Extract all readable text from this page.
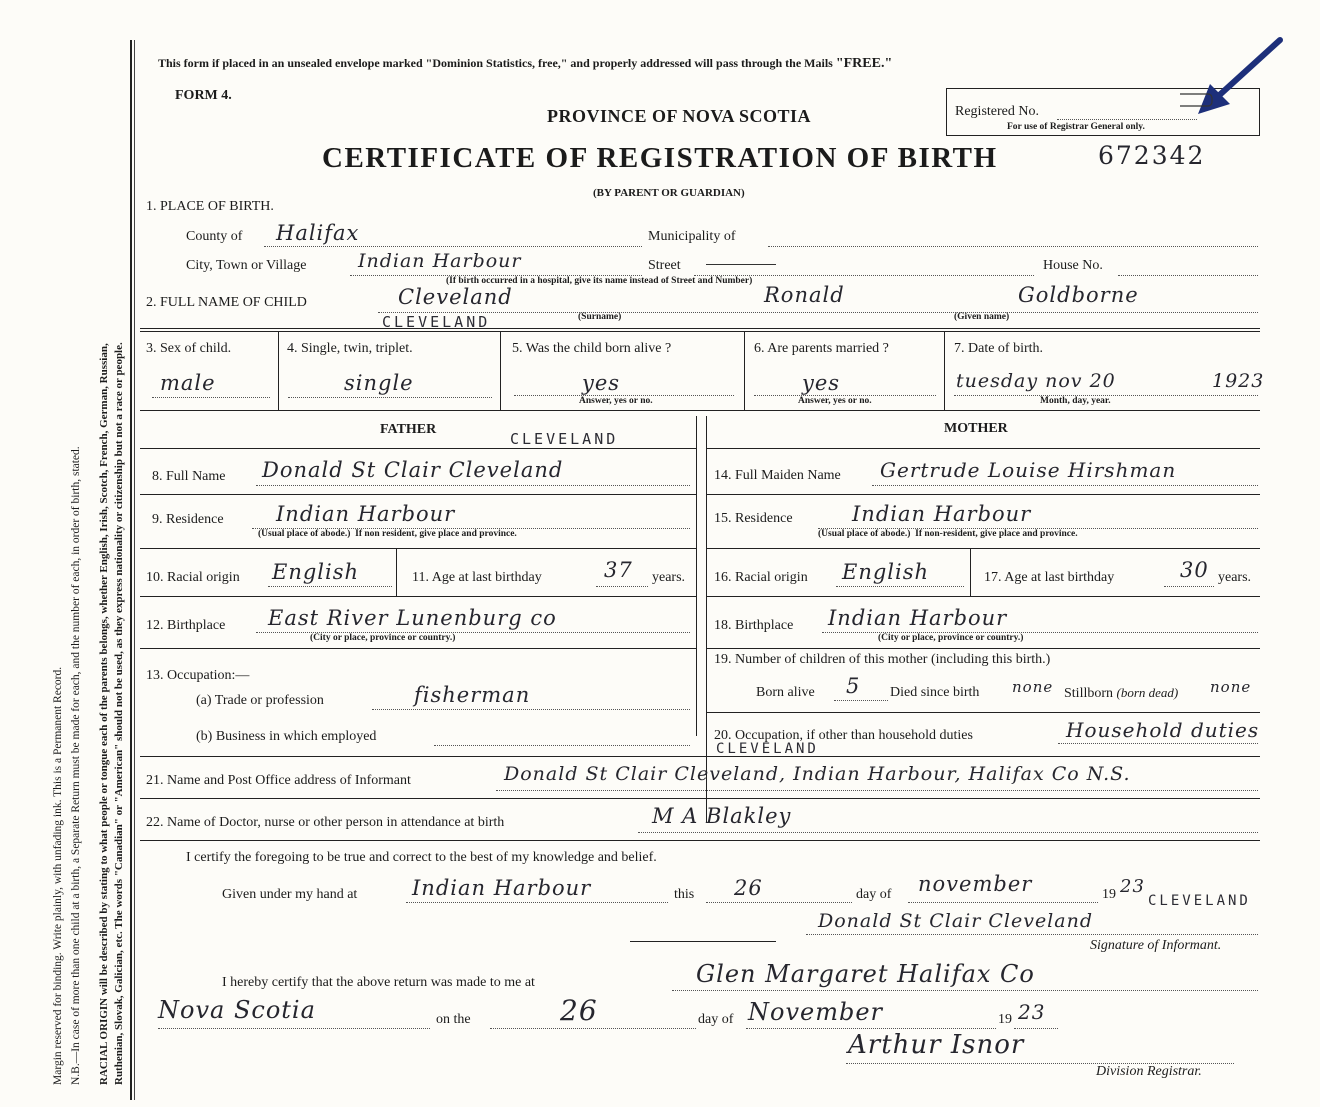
Margin reserved for binding. Write plainly, with unfading ink. This is a Permanent Record. N.B.—In case of more than one child at a birth, a Separate Return must be made for each, and the number of each, in order of birth, stated. RACIAL ORIGIN will be described by stating to what people or tongue each of the parents belongs, whether English, Irish, Scotch, French, German, Russian, Ruthenian, Slovak, Galician, etc. The words "Canadian" or "American" should not be used, as they express nationality or citizenship but not a race or people.
This form if placed in an unsealed envelope marked "Dominion Statistics, free," and properly addressed will pass through the Mails "FREE."
FORM 4.
PROVINCE OF NOVA SCOTIA	Registered No.
For use of Registrar General only.
CERTIFICATE OF REGISTRATION OF BIRTH	672342
(BY PARENT OR GUARDIAN)
1. PLACE OF BIRTH.
County of Halifax	Municipality of
City, Town or Village	Indian Harbour	Street	House No.
(If birth occurred in a hospital, give its name instead of Street and Number)
2. FULL NAME OF CHILD	Cleveland
CLEVELAND	(Surname)
Ronald	Goldborne
(Given name)
3. Sex of child.
male
4. Single, twin, triplet.
single
5. Was the child born alive ?
yes
Answer, yes or no.
6. Are parents married ?
yes
Answer, yes or no.
7. Date of birth.
tuesday nov 20	1923
Month, day, year.
FATHER
CLEVELAND
8. Full Name Donald St Clair Cleveland
9. Residence Indian Harbour
(Usual place of abode.) If non resident, give place and province.
10. Racial origin English	11. Age at last birthday	37 years.
12. Birthplace East River Lunenburg co
(City or place, province or country.)
13. Occupation:—
(a) Trade or profession	fisherman
(b) Business in which employed
MOTHER
14. Full Maiden Name Gertrude Louise Hirshman
15. Residence	Indian Harbour
(Usual place of abode.) If non-resident, give place and province.
16. Racial origin English	17. Age at last birthday	30 years.
18. Birthplace Indian Harbour
(City or place, province or country.)
19. Number of children of this mother (including this birth.)
Born alive 5 Died since birth none Stillborn (born dead) none
20. Occupation, if other than household duties	Household duties
CLEVELAND
21. Name and Post Office address of Informant	Donald St Clair Cleveland, Indian Harbour, Halifax Co N.S.
22. Name of Doctor, nurse or other person in attendance at birth	M A Blakley
I certify the foregoing to be true and correct to the best of my knowledge and belief.
Given under my hand at	Indian Harbour	this 26	day of november	19 23
CLEVELAND
Donald St Clair Cleveland
Signature of Informant.
I hereby certify that the above return was made to me at	Glen Margaret Halifax Co
Nova Scotia	on the	26	day of November	19 23
Arthur Isnor
Division Registrar.
